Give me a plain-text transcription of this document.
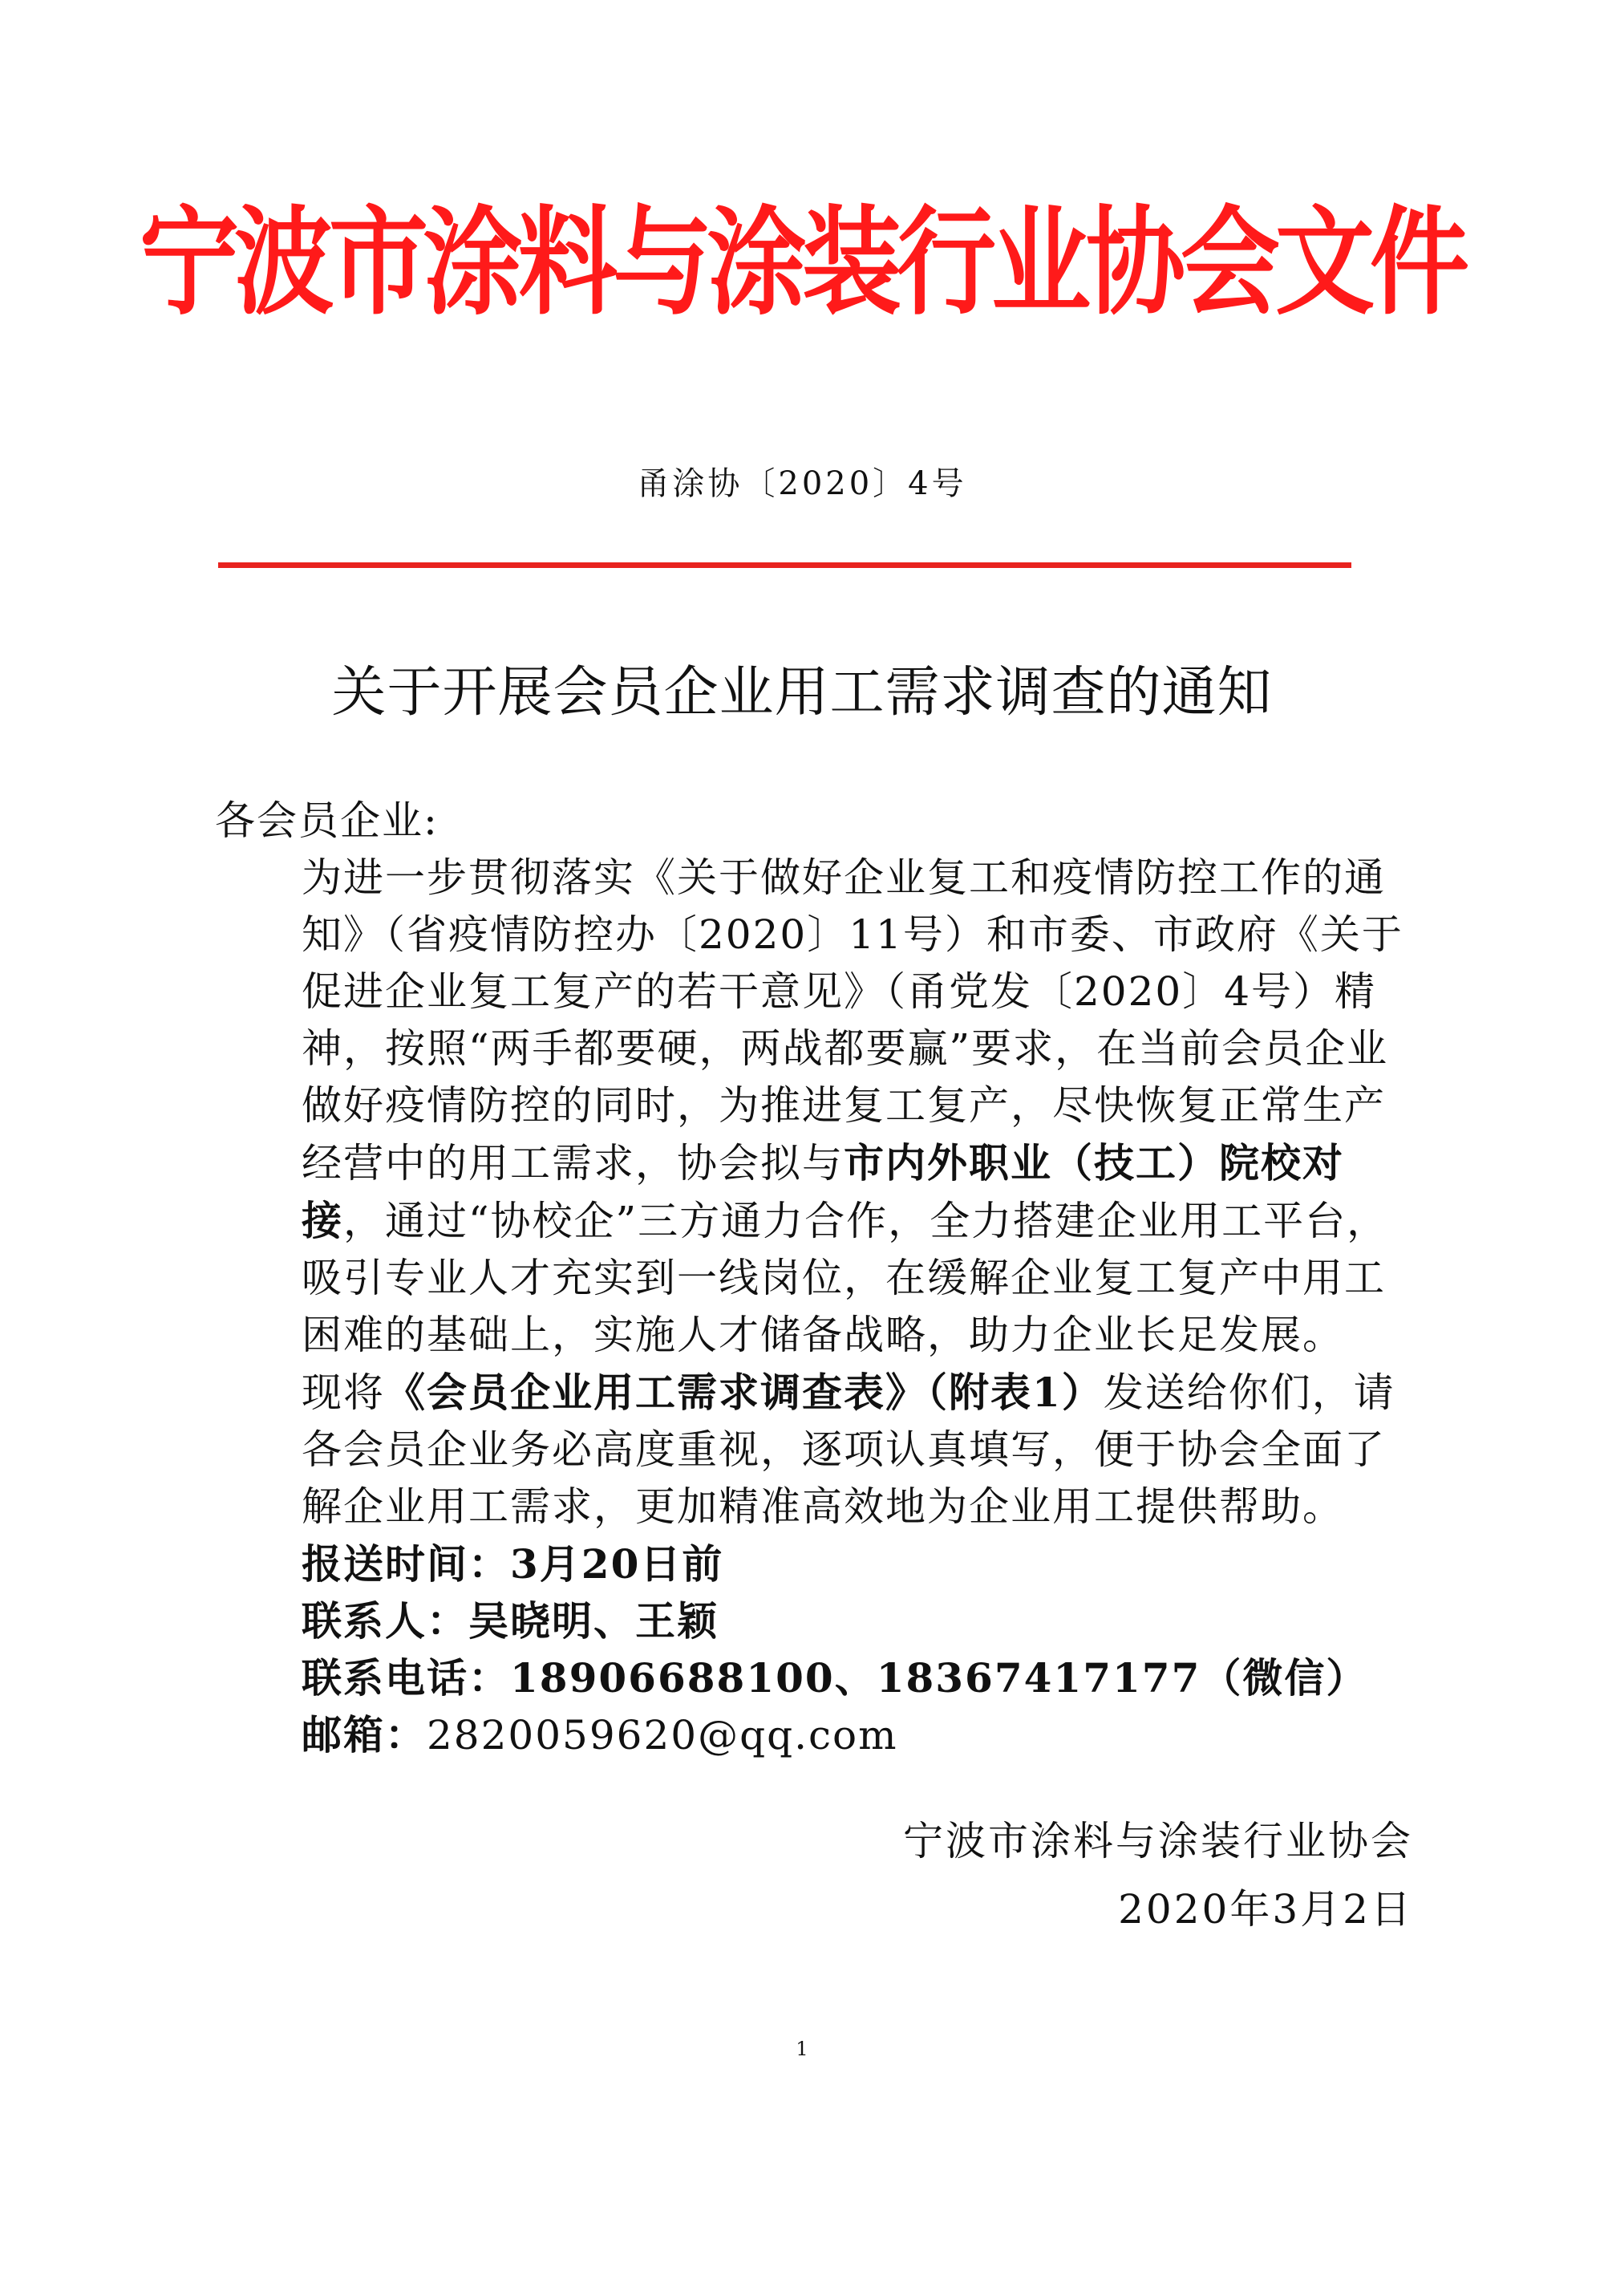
宁波市涂料与涂装行业协会文件
甬涂协〔2020〕4号
关于开展会员企业用工需求调查的通知

各会员企业:

为进一步贯彻落实《关于做好企业复工和疫情防控工作的通知》（省疫情防控办〔2020〕11号）和市委、市政府《关于促进企业复工复产的若干意见》（甬党发〔2020〕4号）精神，按照“两手都要硬，两战都要赢”要求，在当前会员企业做好疫情防控的同时，为推进复工复产，尽快恢复正常生产经营中的用工需求，协会拟与市内外职业（技工）院校对接，通过“协校企”三方通力合作，全力搭建企业用工平台，吸引专业人才充实到一线岗位，在缓解企业复工复产中用工困难的基础上，实施人才储备战略，助力企业长足发展。

现将《会员企业用工需求调查表》（附表1）发送给你们，请各会员企业务必高度重视，逐项认真填写，便于协会全面了解企业用工需求，更加精准高效地为企业用工提供帮助。

报送时间：3月20日前

联系人：吴晓明、王颖

联系电话：18906688100、18367417177（微信）

邮箱：2820059620@qq.com

宁波市涂料与涂装行业协会
2020年3月2日
1
